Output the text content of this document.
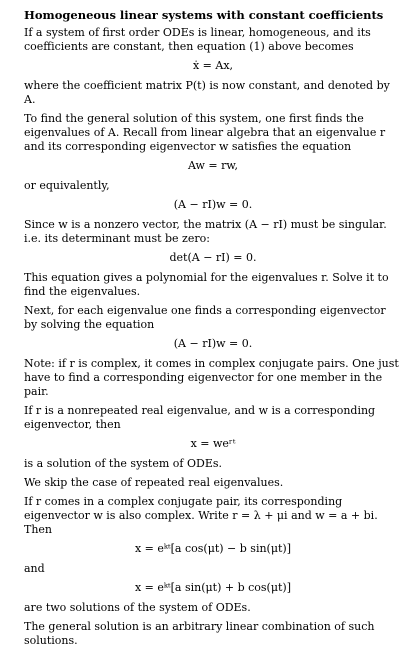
Homogeneous linear systems with constant coefficients

If a system of first order ODEs is linear, homogeneous, and its coefficients are constant, then equation (1) above becomes

ẋ = Ax,

where the coefficient matrix P(t) is now constant, and denoted by A.

To find the general solution of this system, one first finds the eigenvalues of A. Recall from linear algebra that an eigenvalue r and its corresponding eigenvector w satisfies the equation

Aw = rw,

or equivalently,

(A − rI)w = 0.

Since w is a nonzero vector, the matrix (A − rI) must be singular. i.e. its determinant must be zero:

det(A − rI) = 0.

This equation gives a polynomial for the eigenvalues r. Solve it to find the eigenvalues.

Next, for each eigenvalue one finds a corresponding eigenvector by solving the equation

(A − rI)w = 0.

Note: if r is complex, it comes in complex conjugate pairs. One just have to find a corresponding eigenvector for one member in the pair.

If r is a nonrepeated real eigenvalue, and w is a corresponding eigenvector, then

x = weʳᵗ

is a solution of the system of ODEs.

We skip the case of repeated real eigenvalues.

If r comes in a complex conjugate pair, its corresponding eigenvector w is also complex. Write r = λ + μi and w = a + bi. Then

x = eᵏᵗ[a cos(μt) − b sin(μt)]

and

x = eᵏᵗ[a sin(μt) + b cos(μt)]

are two solutions of the system of ODEs.

The general solution is an arbitrary linear combination of such solutions.
